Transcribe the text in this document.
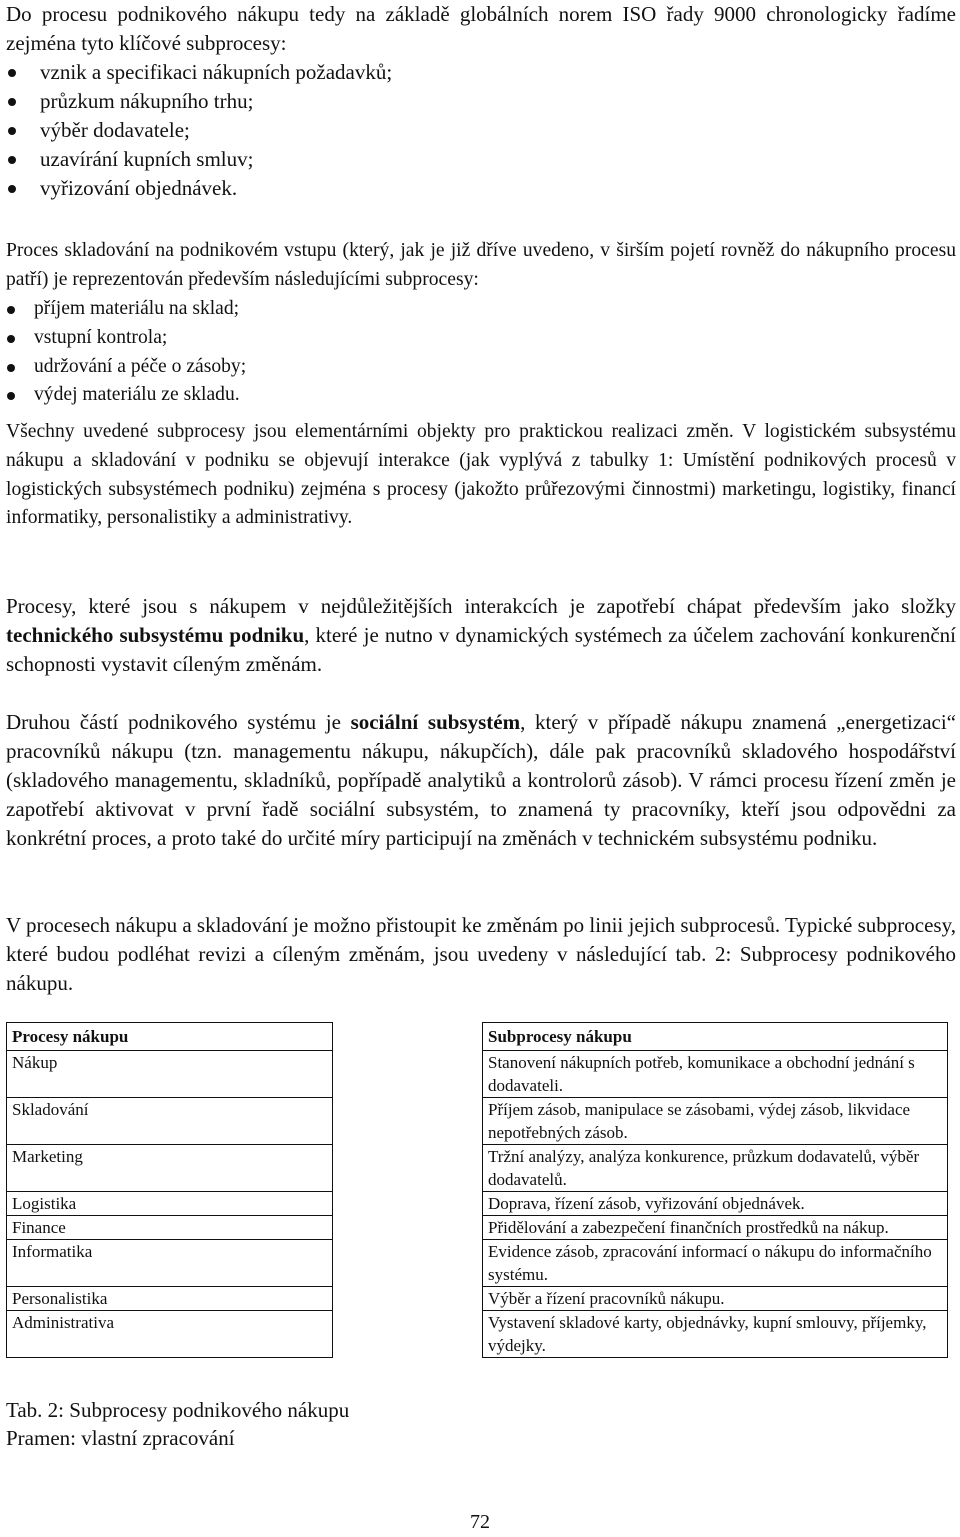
Do procesu podnikového nákupu tedy na základě globálních norem ISO řady 9000 chronologicky řadíme zejména tyto klíčové subprocesy:

vznik a specifikaci nákupních požadavků;
průzkum nákupního trhu;
výběr dodavatele;
uzavírání kupních smluv;
vyřizování objednávek.

Proces skladování na podnikovém vstupu (který, jak je již dříve uvedeno, v širším pojetí rovněž do nákupního procesu patří) je reprezentován především následujícími subprocesy:

příjem materiálu na sklad;
vstupní kontrola;
udržování a péče o zásoby;
výdej materiálu ze skladu.

Všechny uvedené subprocesy jsou elementárními objekty pro praktickou realizaci změn. V logistickém subsystému nákupu a skladování v podniku se objevují interakce (jak vyplývá z tabulky 1: Umístění podnikových procesů v logistických subsystémech podniku) zejména s procesy (jakožto průřezovými činnostmi) marketingu, logistiky, financí informatiky, personalistiky a administrativy.

Procesy, které jsou s nákupem v nejdůležitějších interakcích je zapotřebí chápat především jako složky technického subsystému podniku, které je nutno v dynamických systémech za účelem zachování konkurenční schopnosti vystavit cíleným změnám.

Druhou částí podnikového systému je sociální subsystém, který v případě nákupu znamená „energetizaci“ pracovníků nákupu (tzn. managementu nákupu, nákupčích), dále pak pracovníků skladového hospodářství (skladového managementu, skladníků, popřípadě analytiků a kontrolorů zásob). V rámci procesu řízení změn je zapotřebí aktivovat v první řadě sociální subsystém, to znamená ty pracovníky, kteří jsou odpovědni za konkrétní proces, a proto také do určité míry participují na změnách v technickém subsystému podniku.

V procesech nákupu a skladování je možno přistoupit ke změnám po linii jejich subprocesů. Typické subprocesy, které budou podléhat revizi a cíleným změnám, jsou uvedeny v následující tab. 2: Subprocesy podnikového nákupu.

Procesy nákupu		Subprocesy nákupu
Nákup		Stanovení nákupních potřeb, komunikace a obchodní jednání s dodavateli.
Skladování		Příjem zásob, manipulace se zásobami, výdej zásob, likvidace nepotřebných zásob.
Marketing		Tržní analýzy, analýza konkurence, průzkum dodavatelů, výběr dodavatelů.
Logistika		Doprava, řízení zásob, vyřizování objednávek.
Finance		Přidělování a zabezpečení finančních prostředků na nákup.
Informatika		Evidence zásob, zpracování informací o nákupu do informačního systému.
Personalistika		Výběr a řízení pracovníků nákupu.
Administrativa		Vystavení skladové karty, objednávky, kupní smlouvy, příjemky, výdejky.

Tab. 2: Subprocesy podnikového nákupu

Pramen: vlastní zpracování

72
